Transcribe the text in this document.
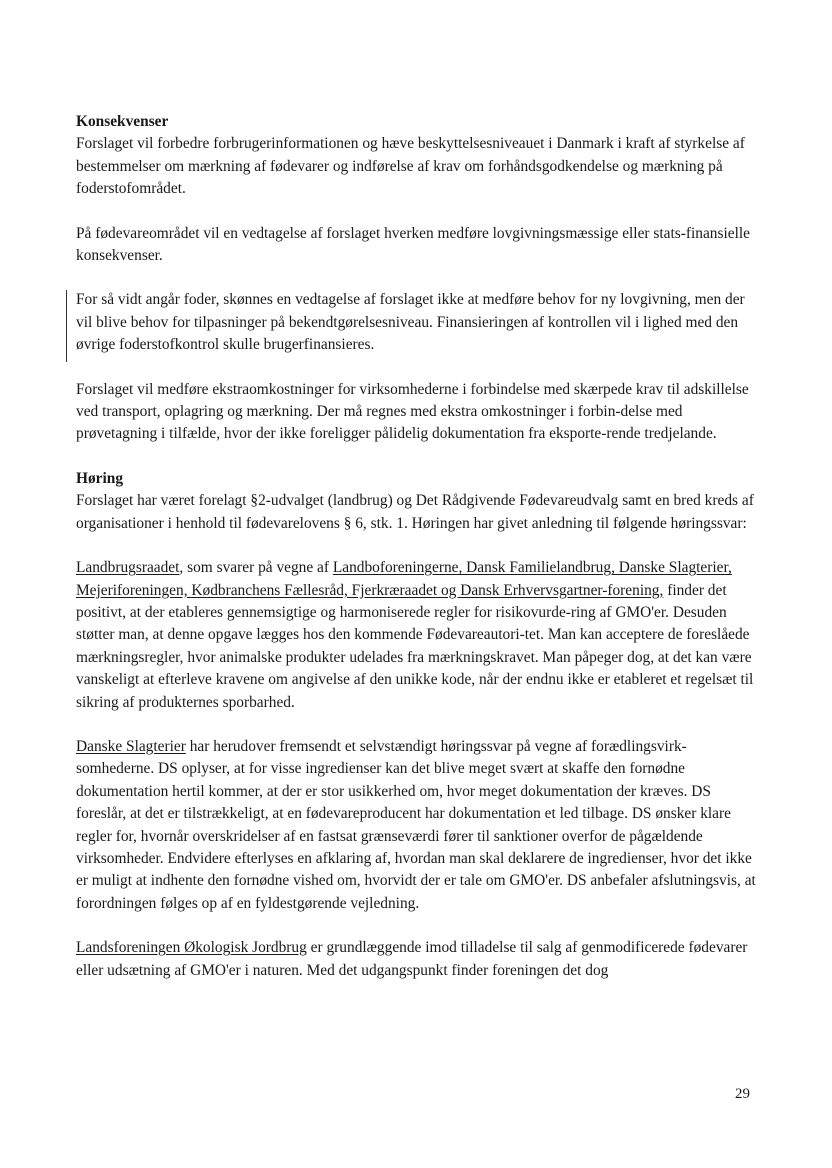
Konsekvenser

Forslaget vil forbedre forbrugerinformationen og hæve beskyttelsesniveauet i Danmark i kraft af styrkelse af bestemmelser om mærkning af fødevarer og indførelse af krav om forhåndsgodkendelse og mærkning på foderstofområdet.

På fødevareområdet vil en vedtagelse af forslaget hverken medføre lovgivningsmæssige eller stats-finansielle konsekvenser.

For så vidt angår foder, skønnes en vedtagelse af forslaget ikke at medføre behov for ny lovgivning, men der vil blive behov for tilpasninger på bekendtgørelsesniveau. Finansieringen af kontrollen vil i lighed med den øvrige foderstofkontrol skulle brugerfinansieres.

Forslaget vil medføre ekstraomkostninger for virksomhederne i forbindelse med skærpede krav til adskillelse ved transport, oplagring og mærkning. Der må regnes med ekstra omkostninger i forbin-delse med prøvetagning i tilfælde, hvor der ikke foreligger pålidelig dokumentation fra eksporte-rende tredjelande.

Høring

Forslaget har været forelagt §2-udvalget (landbrug) og Det Rådgivende Fødevareudvalg samt en bred kreds af organisationer i henhold til fødevarelovens § 6, stk. 1. Høringen har givet anledning til følgende høringssvar:

Landbrugsraadet, som svarer på vegne af Landboforeningerne, Dansk Familielandbrug, Danske Slagterier, Mejeriforeningen, Kødbranchens Fællesråd, Fjerkræraadet og Dansk Erhvervsgartner-forening, finder det positivt, at der etableres gennemsigtige og harmoniserede regler for risikovurde-ring af GMO'er. Desuden støtter man, at denne opgave lægges hos den kommende Fødevareautori-tet. Man kan acceptere de foreslåede mærkningsregler, hvor animalske produkter udelades fra mærkningskravet. Man påpeger dog, at det kan være vanskeligt at efterleve kravene om angivelse af den unikke kode, når der endnu ikke er etableret et regelsæt til sikring af produkternes sporbarhed.

Danske Slagterier har herudover fremsendt et selvstændigt høringssvar på vegne af forædlingsvirk-somhederne. DS oplyser, at for visse ingredienser kan det blive meget svært at skaffe den fornødne dokumentation hertil kommer, at der er stor usikkerhed om, hvor meget dokumentation der kræves. DS foreslår, at det er tilstrækkeligt, at en fødevareproducent har dokumentation et led tilbage. DS ønsker klare regler for, hvornår overskridelser af en fastsat grænseværdi fører til sanktioner overfor de pågældende virksomheder. Endvidere efterlyses en afklaring af, hvordan man skal deklarere de ingredienser, hvor det ikke er muligt at indhente den fornødne vished om, hvorvidt der er tale om GMO'er. DS anbefaler afslutningsvis, at forordningen følges op af en fyldestgørende vejledning.

Landsforeningen Økologisk Jordbrug er grundlæggende imod tilladelse til salg af genmodificerede fødevarer eller udsætning af GMO'er i naturen. Med det udgangspunkt finder foreningen det dog

29
